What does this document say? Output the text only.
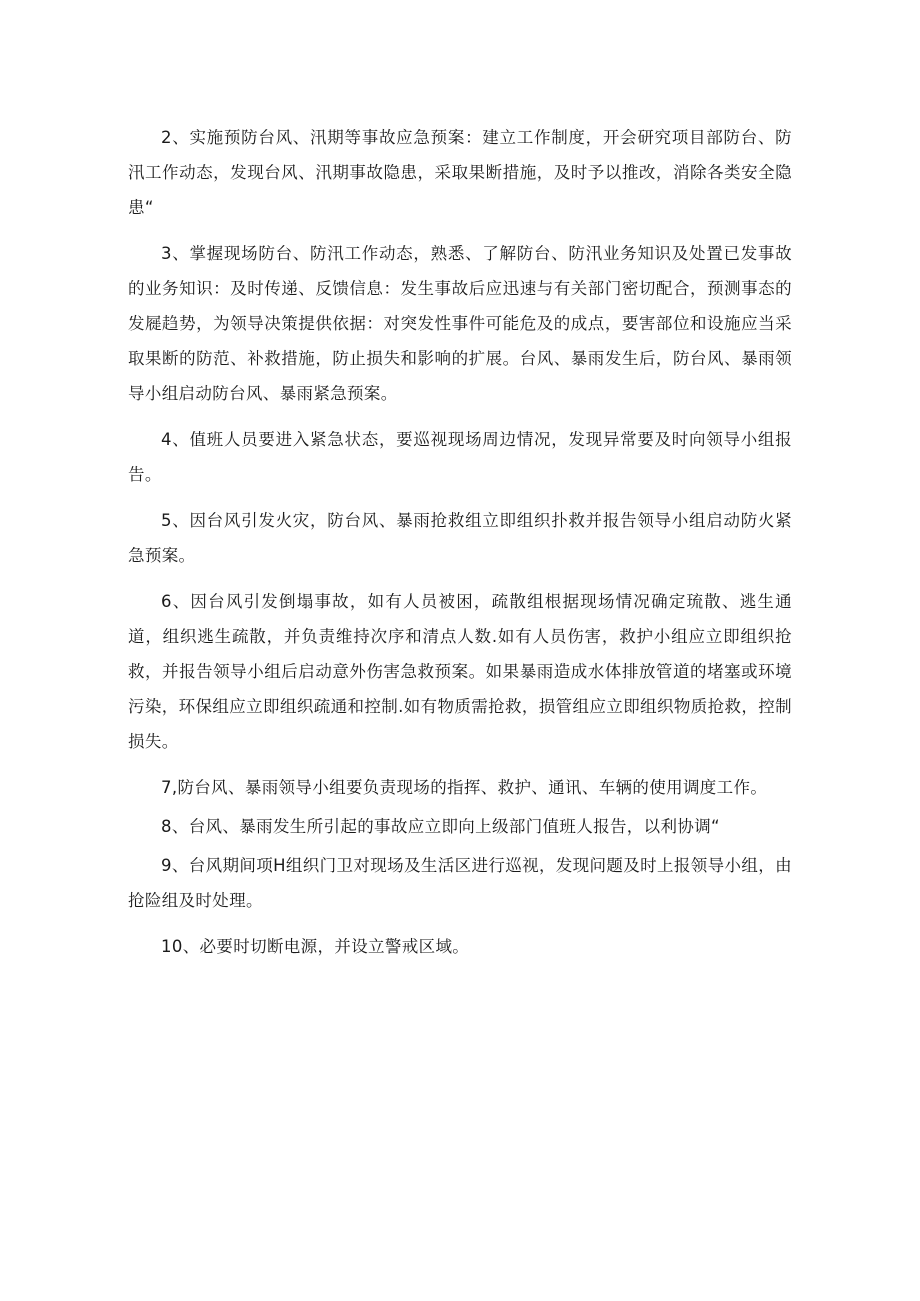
2、实施预防台风、汛期等事故应急预案：建立工作制度，开会研究项目部防台、防汛工作动态，发现台风、汛期事故隐患，采取果断措施，及时予以推改，消除各类安全隐患“

3、掌握现场防台、防汛工作动态，熟悉、了解防台、防汛业务知识及处置已发事故的业务知识：及时传递、反馈信息：发生事故后应迅速与有关部门密切配合，预测事态的发屣趋势，为领导决策提供依据：对突发性事件可能危及的成点，要害部位和设施应当采取果断的防范、补救措施，防止损失和影响的扩展。台风、暴雨发生后，防台风、暴雨领导小组启动防台风、暴雨紧急预案。

4、值班人员要进入紧急状态，要巡视现场周边情况，发现异常要及时向领导小组报告。

5、因台风引发火灾，防台风、暴雨抢救组立即组织扑救并报告领导小组启动防火紧急预案。

6、因台风引发倒塌事故，如有人员被困，疏散组根据现场情况确定琉散、逃生通道，组织逃生疏散，并负责维持次序和清点人数.如有人员伤害，救护小组应立即组织抢救，并报告领导小组后启动意外伤害急救预案。如果暴雨造成水体排放管道的堵塞或环境污染，环保组应立即组织疏通和控制.如有物质需抢救，损管组应立即组织物质抢救，控制损失。

7,防台风、暴雨领导小组要负责现场的指挥、救护、通讯、车辆的使用调度工作。

8、台风、暴雨发生所引起的事故应立即向上级部门值班人报告，以利协调“

9、台风期间项H组织门卫对现场及生活区进行巡视，发现问题及时上报领导小组，由抢险组及时处理。

10、必要时切断电源，并设立警戒区域。
